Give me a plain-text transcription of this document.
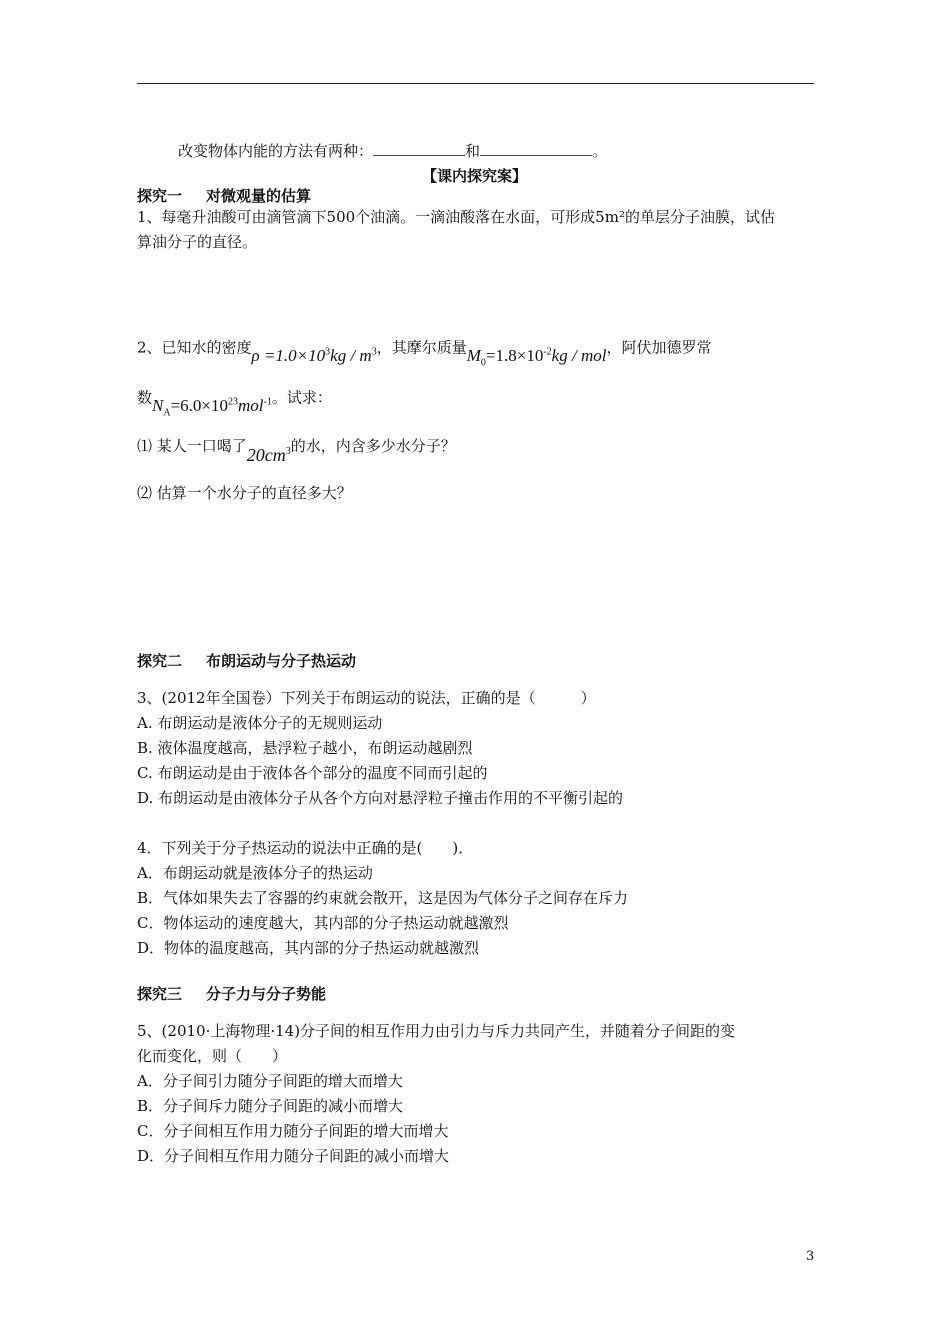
改变物体内能的方法有两种：	和	。
【课内探究案】
探究一 对微观量的估算
1、每毫升油酸可由滴管滴下500个油滴。一滴油酸落在水面，可形成5m²的单层分子油膜，试估
算油分子的直径。
2、已知水的密度$\rho =1.0\times 10^3kg / m^3$，其摩尔质量$M_0=1.8\times 10^{-2}kg$ / mol，阿伏加德罗常
数$N_A=6.0\times 10^{23}mol^{-1}$。试求：
⑴ 某人一口喝了$20cm^3$的水，内含多少水分子？
⑵ 估算一个水分子的直径多大？
探究二 布朗运动与分子热运动
3、(2012年全国卷）下列关于布朗运动的说法，正确的是（　　　）
A. 布朗运动是液体分子的无规则运动
B. 液体温度越高，悬浮粒子越小，布朗运动越剧烈
C. 布朗运动是由于液体各个部分的温度不同而引起的
D. 布朗运动是由液体分子从各个方向对悬浮粒子撞击作用的不平衡引起的
4．下列关于分子热运动的说法中正确的是(　　)．
A．布朗运动就是液体分子的热运动
B．气体如果失去了容器的约束就会散开，这是因为气体分子之间存在斥力
C．物体运动的速度越大，其内部的分子热运动就越激烈
D．物体的温度越高，其内部的分子热运动就越激烈
探究三 分子力与分子势能
5、(2010·上海物理·14)分子间的相互作用力由引力与斥力共同产生，并随着分子间距的变
化而变化，则（　　）
A．分子间引力随分子间距的增大而增大
B．分子间斥力随分子间距的减小而增大
C．分子间相互作用力随分子间距的增大而增大
D．分子间相互作用力随分子间距的减小而增大
3
